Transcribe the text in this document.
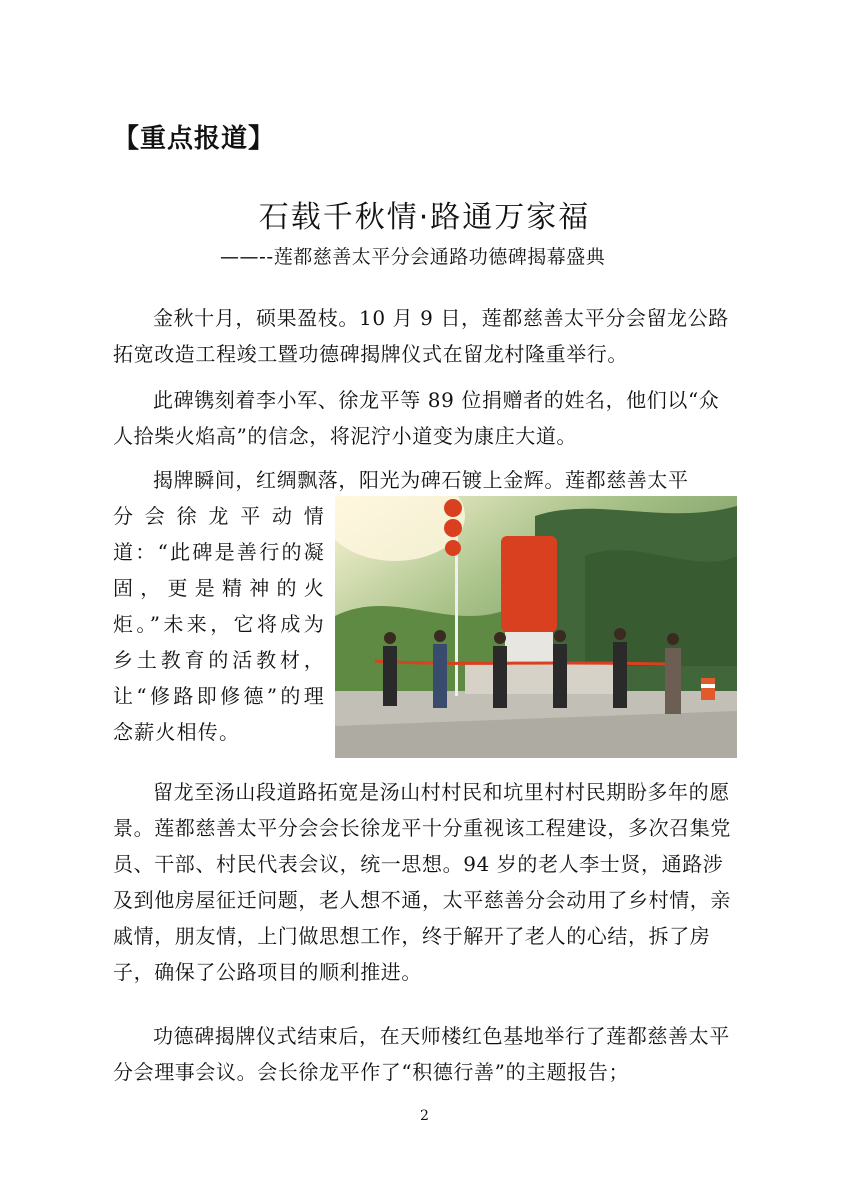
【重点报道】
石载千秋情·路通万家福
——--莲都慈善太平分会通路功德碑揭幕盛典

金秋十月，硕果盈枝。10 月 9 日，莲都慈善太平分会留龙公路拓宽改造工程竣工暨功德碑揭牌仪式在留龙村隆重举行。

此碑镌刻着李小军、徐龙平等 89 位捐赠者的姓名，他们以“众人拾柴火焰高”的信念，将泥泞小道变为康庄大道。

揭牌瞬间，红绸飘落，阳光为碑石镀上金辉。莲都慈善太平

分会徐龙平动情道：“此碑是善行的凝固，更是精神的火炬。”未来，它将成为乡土教育的活教材，让“修路即修德”的理念薪火相传。

留龙至汤山段道路拓宽是汤山村村民和坑里村村民期盼多年的愿景。莲都慈善太平分会会长徐龙平十分重视该工程建设，多次召集党员、干部、村民代表会议，统一思想。94 岁的老人李士贤，通路涉及到他房屋征迁问题，老人想不通，太平慈善分会动用了乡村情，亲戚情，朋友情，上门做思想工作，终于解开了老人的心结，拆了房子，确保了公路项目的顺利推进。

功德碑揭牌仪式结束后，在天师楼红色基地举行了莲都慈善太平分会理事会议。会长徐龙平作了“积德行善”的主题报告；

2
